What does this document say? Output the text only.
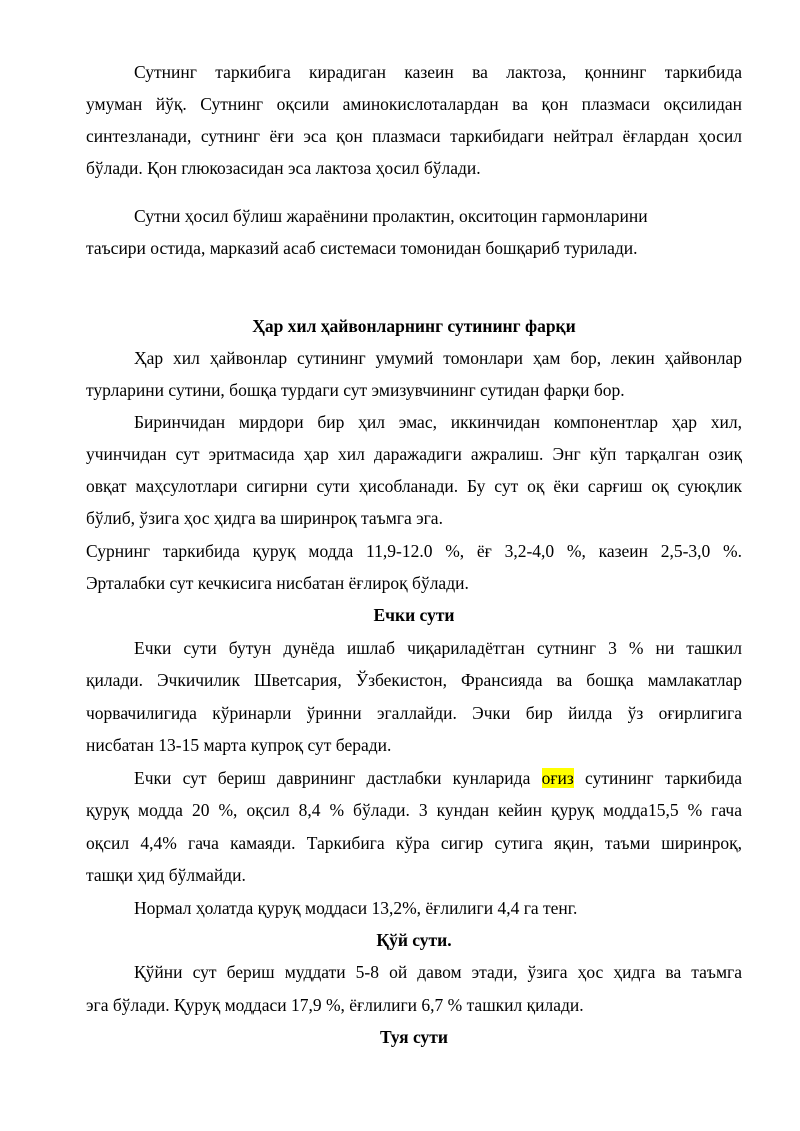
Сутнинг таркибига кирадиган казеин ва лактоза, қоннинг таркибида
умуман йўқ. Сутнинг оқсили аминокислоталардан ва қон плазмаси оқсилидан
синтезланади, сутнинг ёғи эса қон плазмаси таркибидаги нейтрал ёғлардан ҳосил
бўлади. Қон глюкозасидан эса лактоза ҳосил бўлади.
Сутни ҳосил бўлиш жараёнини пролактин, окситоцин гармонларини
таъсири остида, марказий асаб системаси томонидан бошқариб турилади.
Ҳар хил ҳайвонларнинг сутининг фарқи
Ҳар хил ҳайвонлар сутининг умумий томонлари ҳам бор, лекин ҳайвонлар
турларини сутини, бошқа турдаги сут эмизувчининг сутидан фарқи бор.
Биринчидан мирдори бир ҳил эмас, иккинчидан компонентлар ҳар хил,
учинчидан сут эритмасида ҳар хил даражадиги ажралиш. Энг кўп тарқалган озиқ
овқат маҳсулотлари сигирни сути ҳисобланади. Бу сут оқ ёки сарғиш оқ суюқлик
бўлиб, ўзига ҳос ҳидга ва ширинроқ таъмга эга.
Сурнинг таркибида қуруқ модда 11,9-12.0 %, ёғ 3,2-4,0 %, казеин 2,5-3,0 %.
Эрталабки сут кечкисига нисбатан ёғлироқ бўлади.
Ечки сути
Ечки сути бутун дунёда ишлаб чиқариладётган сутнинг 3 % ни ташкил
қилади. Эчкичилик Шветсария, Ўзбекистон, Франсияда ва бошқа мамлакатлар
чорвачилигида кўринарли ўринни эгаллайди. Эчки бир йилда ўз оғирлигига
нисбатан 13-15 марта купроқ сут беради.
Ечки сут бериш даврининг дастлабки кунларида оғиз сутининг таркибида
қуруқ модда 20 %, оқсил 8,4 % бўлади. 3 кундан кейин қуруқ модда15,5 % гача
оқсил 4,4% гача камаяди. Таркибига кўра сигир сутига яқин, таъми ширинроқ,
ташқи ҳид бўлмайди.
Нормал ҳолатда қуруқ моддаси 13,2%, ёғлилиги 4,4 га тенг.
Қўй сути.
Қўйни сут бериш муддати 5-8 ой давом этади, ўзига ҳос ҳидга ва таъмга
эга бўлади. Қуруқ моддаси 17,9 %, ёғлилиги 6,7 % ташкил қилади.
Туя сути
